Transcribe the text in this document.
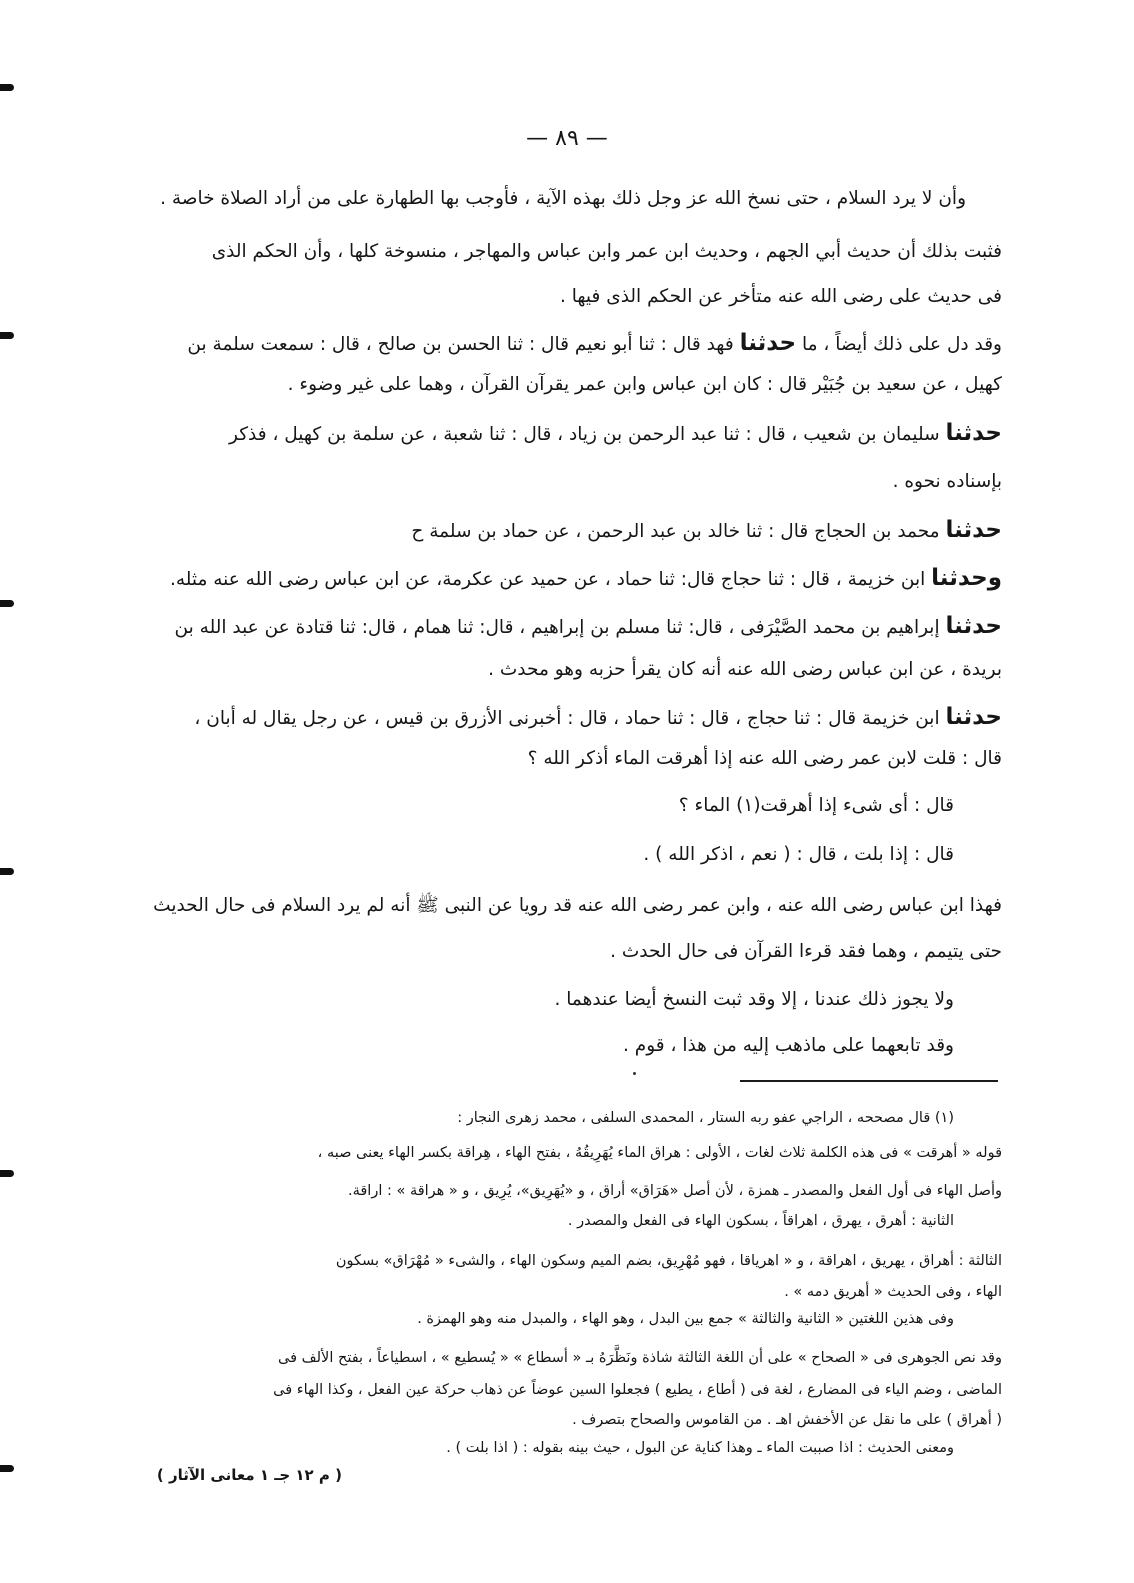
— ٨٩ —
وأن لا يرد السلام ، حتى نسخ الله عز وجل ذلك بهذه الآية ، فأوجب بها الطهارة على من أراد الصلاة خاصة .
فثبت بذلك أن حديث أبي الجهم ، وحديث ابن عمر وابن عباس والمهاجر ، منسوخة كلها ، وأن الحكم الذى
فى حديث على رضى الله عنه متأخر عن الحكم الذى فيها .
وقد دل على ذلك أيضاً ، ما حدثنا فهد قال : ثنا أبو نعيم قال : ثنا الحسن بن صالح ، قال : سمعت سلمة بن
كهيل ، عن سعيد بن جُبَيْر قال : كان ابن عباس وابن عمر يقرآن القرآن ، وهما على غير وضوء .
حدثنا سليمان بن شعيب ، قال : ثنا عبد الرحمن بن زياد ، قال : ثنا شعبة ، عن سلمة بن كهيل ، فذكر
بإسناده نحوه .
حدثنا محمد بن الحجاج قال : ثنا خالد بن عبد الرحمن ، عن حماد بن سلمة ح
وحدثنا ابن خزيمة ، قال : ثنا حجاج قال: ثنا حماد ، عن حميد عن عكرمة، عن ابن عباس رضى الله عنه مثله.
حدثنا إبراهيم بن محمد الصَّيْرَفى ، قال: ثنا مسلم بن إبراهيم ، قال: ثنا همام ، قال: ثنا قتادة عن عبد الله بن
بريدة ، عن ابن عباس رضى الله عنه أنه كان يقرأ حزبه وهو محدث .
حدثنا ابن خزيمة قال : ثنا حجاج ، قال : ثنا حماد ، قال : أخبرنى الأزرق بن قيس ، عن رجل يقال له أبان ،
قال : قلت لابن عمر رضى الله عنه إذا أهرقت الماء أذكر الله ؟
قال : أى شىء إذا أهرقت(١) الماء ؟
قال : إذا بلت ، قال : ( نعم ، اذكر الله ) .
فهذا ابن عباس رضى الله عنه ، وابن عمر رضى الله عنه قد رويا عن النبى ﷺ أنه لم يرد السلام فى حال الحديث
حتى يتيمم ، وهما فقد قرءا القرآن فى حال الحدث .
ولا يجوز ذلك عندنا ، إلا وقد ثبت النسخ أيضا عندهما .
وقد تابعهما على ماذهب إليه من هذا ، قوم .
(١) قال مصححه ، الراجي عفو ربه الستار ، المحمدى السلفى ، محمد زهرى النجار :
قوله « أهرقت » فى هذه الكلمة ثلاث لغات ، الأولى : هراق الماء يُهَرِيقُهُ ، بفتح الهاء ، هِراقة بكسر الهاء يعنى صبه ،
وأصل الهاء فى أول الفعل والمصدر ـ همزة ، لأن أصل «هَرَاق» أراق ، و «يُهَرِيق»، يُرِيق ، و « هراقة » : اراقة.
الثانية : أهرق ، يهرق ، اهراقاً ، بسكون الهاء فى الفعل والمصدر .
الثالثة : أهراق ، يهريق ، اهراقة ، و « اهرياقا ، فهو مُهْرِيق، بضم الميم وسكون الهاء ، والشىء « مُهْرَاق» بسكون
الهاء ، وفى الحديث « أهريق دمه » .
وفى هذين اللغتين « الثانية والثالثة » جمع بين البدل ، وهو الهاء ، والمبدل منه وهو الهمزة .
وقد نص الجوهرى فى « الصحاح » على أن اللغة الثالثة شاذة ونَظَّرَهُ بـ « أسطاع » « يُسطيع » ، اسطياعاً ، بفتح الألف فى
الماضى ، وضم الياء فى المضارع ، لغة فى ( أطاع ، يطيع ) فجعلوا السين عوضاً عن ذهاب حركة عين الفعل ، وكذا الهاء فى
( أهراق ) على ما نقل عن الأخفش اهـ . من القاموس والصحاح بتصرف .
ومعنى الحديث : اذا صببت الماء ـ وهذا كناية عن البول ، حيث بينه بقوله : ( اذا بلت ) .
( م ١٢ جـ ١ معانى الآثار )
